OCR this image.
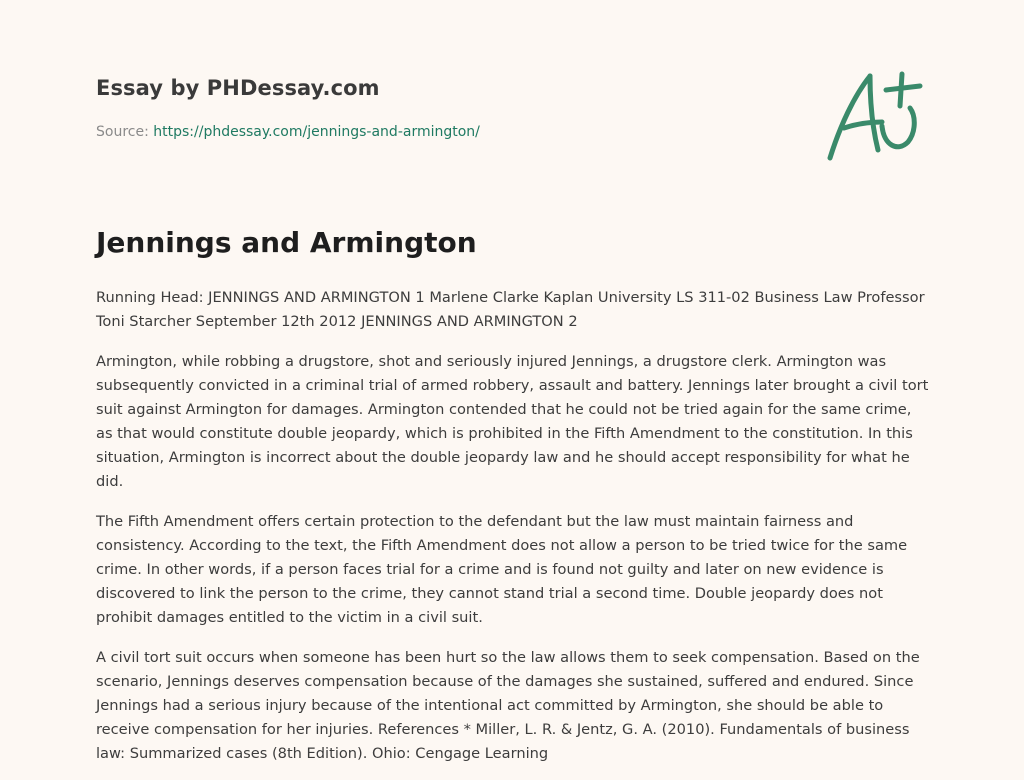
Essay by PHDessay.com
Source: https://phdessay.com/jennings-and-armington/
Jennings and Armington

Running Head: JENNINGS AND ARMINGTON 1 Marlene Clarke Kaplan University LS 311-02 Business Law Professor Toni Starcher September 12th 2012 JENNINGS AND ARMINGTON 2

Armington, while robbing a drugstore, shot and seriously injured Jennings, a drugstore clerk. Armington was subsequently convicted in a criminal trial of armed robbery, assault and battery. Jennings later brought a civil tort suit against Armington for damages. Armington contended that he could not be tried again for the same crime, as that would constitute double jeopardy, which is prohibited in the Fifth Amendment to the constitution. In this situation, Armington is incorrect about the double jeopardy law and he should accept responsibility for what he did.

The Fifth Amendment offers certain protection to the defendant but the law must maintain fairness and consistency. According to the text, the Fifth Amendment does not allow a person to be tried twice for the same crime. In other words, if a person faces trial for a crime and is found not guilty and later on new evidence is discovered to link the person to the crime, they cannot stand trial a second time. Double jeopardy does not prohibit damages entitled to the victim in a civil suit.

A civil tort suit occurs when someone has been hurt so the law allows them to seek compensation. Based on the scenario, Jennings deserves compensation because of the damages she sustained, suffered and endured. Since Jennings had a serious injury because of the intentional act committed by Armington, she should be able to receive compensation for her injuries. References * Miller, L. R. & Jentz, G. A. (2010). Fundamentals of business law: Summarized cases (8th Edition). Ohio: Cengage Learning
